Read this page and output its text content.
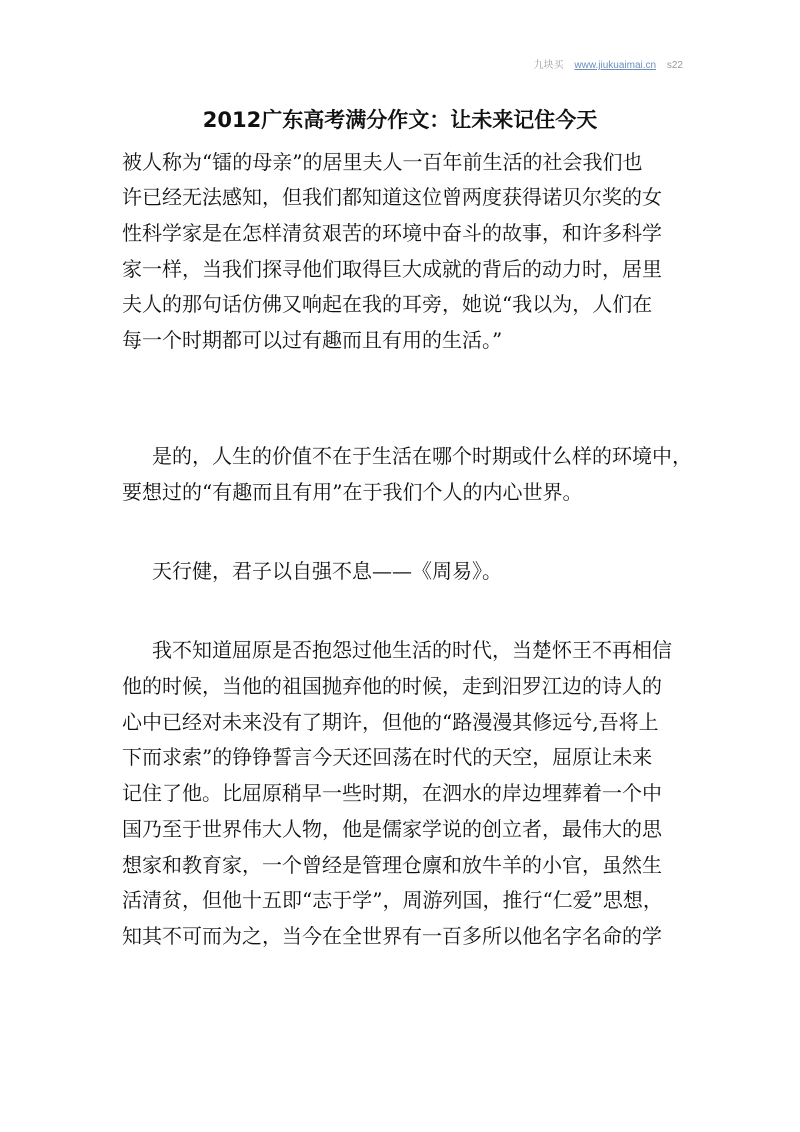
九块买 www.jiukuaimai.cn s22
2012广东高考满分作文：让未来记住今天

被人称为“镭的母亲”的居里夫人一百年前生活的社会我们也

许已经无法感知，但我们都知道这位曾两度获得诺贝尔奖的女

性科学家是在怎样清贫艰苦的环境中奋斗的故事，和许多科学

家一样，当我们探寻他们取得巨大成就的背后的动力时，居里

夫人的那句话仿佛又响起在我的耳旁，她说“我以为，人们在

每一个时期都可以过有趣而且有用的生活。”

是的，人生的价值不在于生活在哪个时期或什么样的环境中，

要想过的“有趣而且有用”在于我们个人的内心世界。

天行健，君子以自强不息——《周易》。

我不知道屈原是否抱怨过他生活的时代，当楚怀王不再相信

他的时候，当他的祖国抛弃他的时候，走到汨罗江边的诗人的

心中已经对未来没有了期许，但他的“路漫漫其修远兮,吾将上

下而求索”的铮铮誓言今天还回荡在时代的天空，屈原让未来

记住了他。比屈原稍早一些时期，在泗水的岸边埋葬着一个中

国乃至于世界伟大人物，他是儒家学说的创立者，最伟大的思

想家和教育家，一个曾经是管理仓廪和放牛羊的小官，虽然生

活清贫，但他十五即“志于学”，周游列国，推行“仁爱”思想，

知其不可而为之，当今在全世界有一百多所以他名字名命的学
